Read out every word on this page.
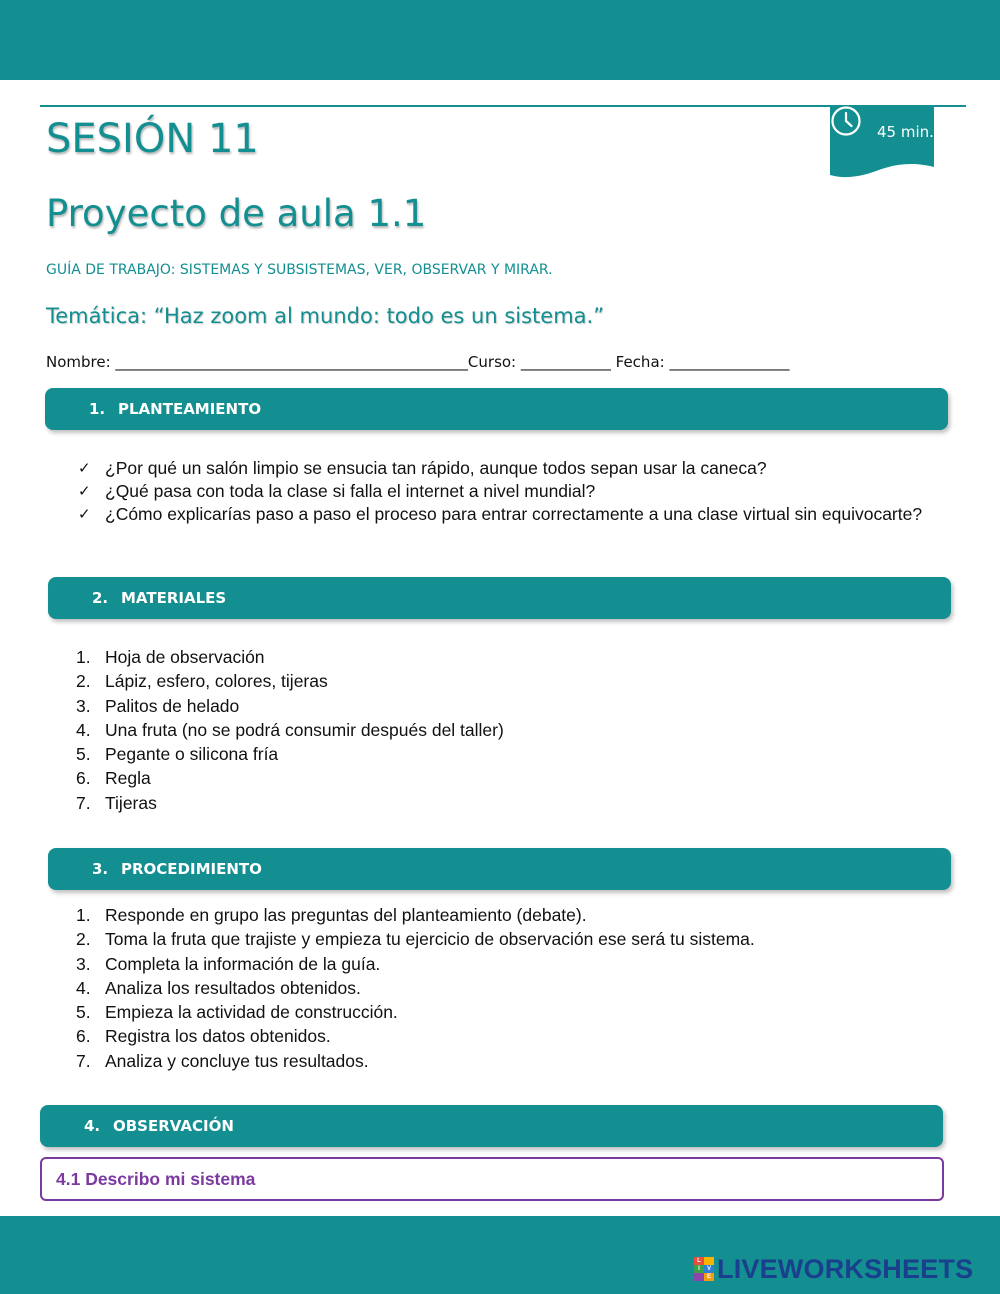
45 min.
SESIÓN 11
Proyecto de aula 1.1
GUÍA DE TRABAJO: SISTEMAS Y SUBSISTEMAS, VER, OBSERVAR Y MIRAR.
Temática: “Haz zoom al mundo: todo es un sistema.”
Nombre: _______________________________________________Curso: ____________ Fecha: ________________
1. PLANTEAMIENTO
✓ ¿Por qué un salón limpio se ensucia tan rápido, aunque todos sepan usar la caneca?
✓ ¿Qué pasa con toda la clase si falla el internet a nivel mundial?
✓ ¿Cómo explicarías paso a paso el proceso para entrar correctamente a una clase virtual sin equivocarte?
2. MATERIALES
1. Hoja de observación
2. Lápiz, esfero, colores, tijeras
3. Palitos de helado
4. Una fruta (no se podrá consumir después del taller)
5. Pegante o silicona fría
6. Regla
7. Tijeras
3. PROCEDIMIENTO
1. Responde en grupo las preguntas del planteamiento (debate).
2. Toma la fruta que trajiste y empieza tu ejercicio de observación ese será tu sistema.
3. Completa la información de la guía.
4. Analiza los resultados obtenidos.
5. Empieza la actividad de construcción.
6. Registra los datos obtenidos.
7. Analiza y concluye tus resultados.
4. OBSERVACIÓN
4.1 Describo mi sistema
L
I	V
E LIVEWORKSHEETS
